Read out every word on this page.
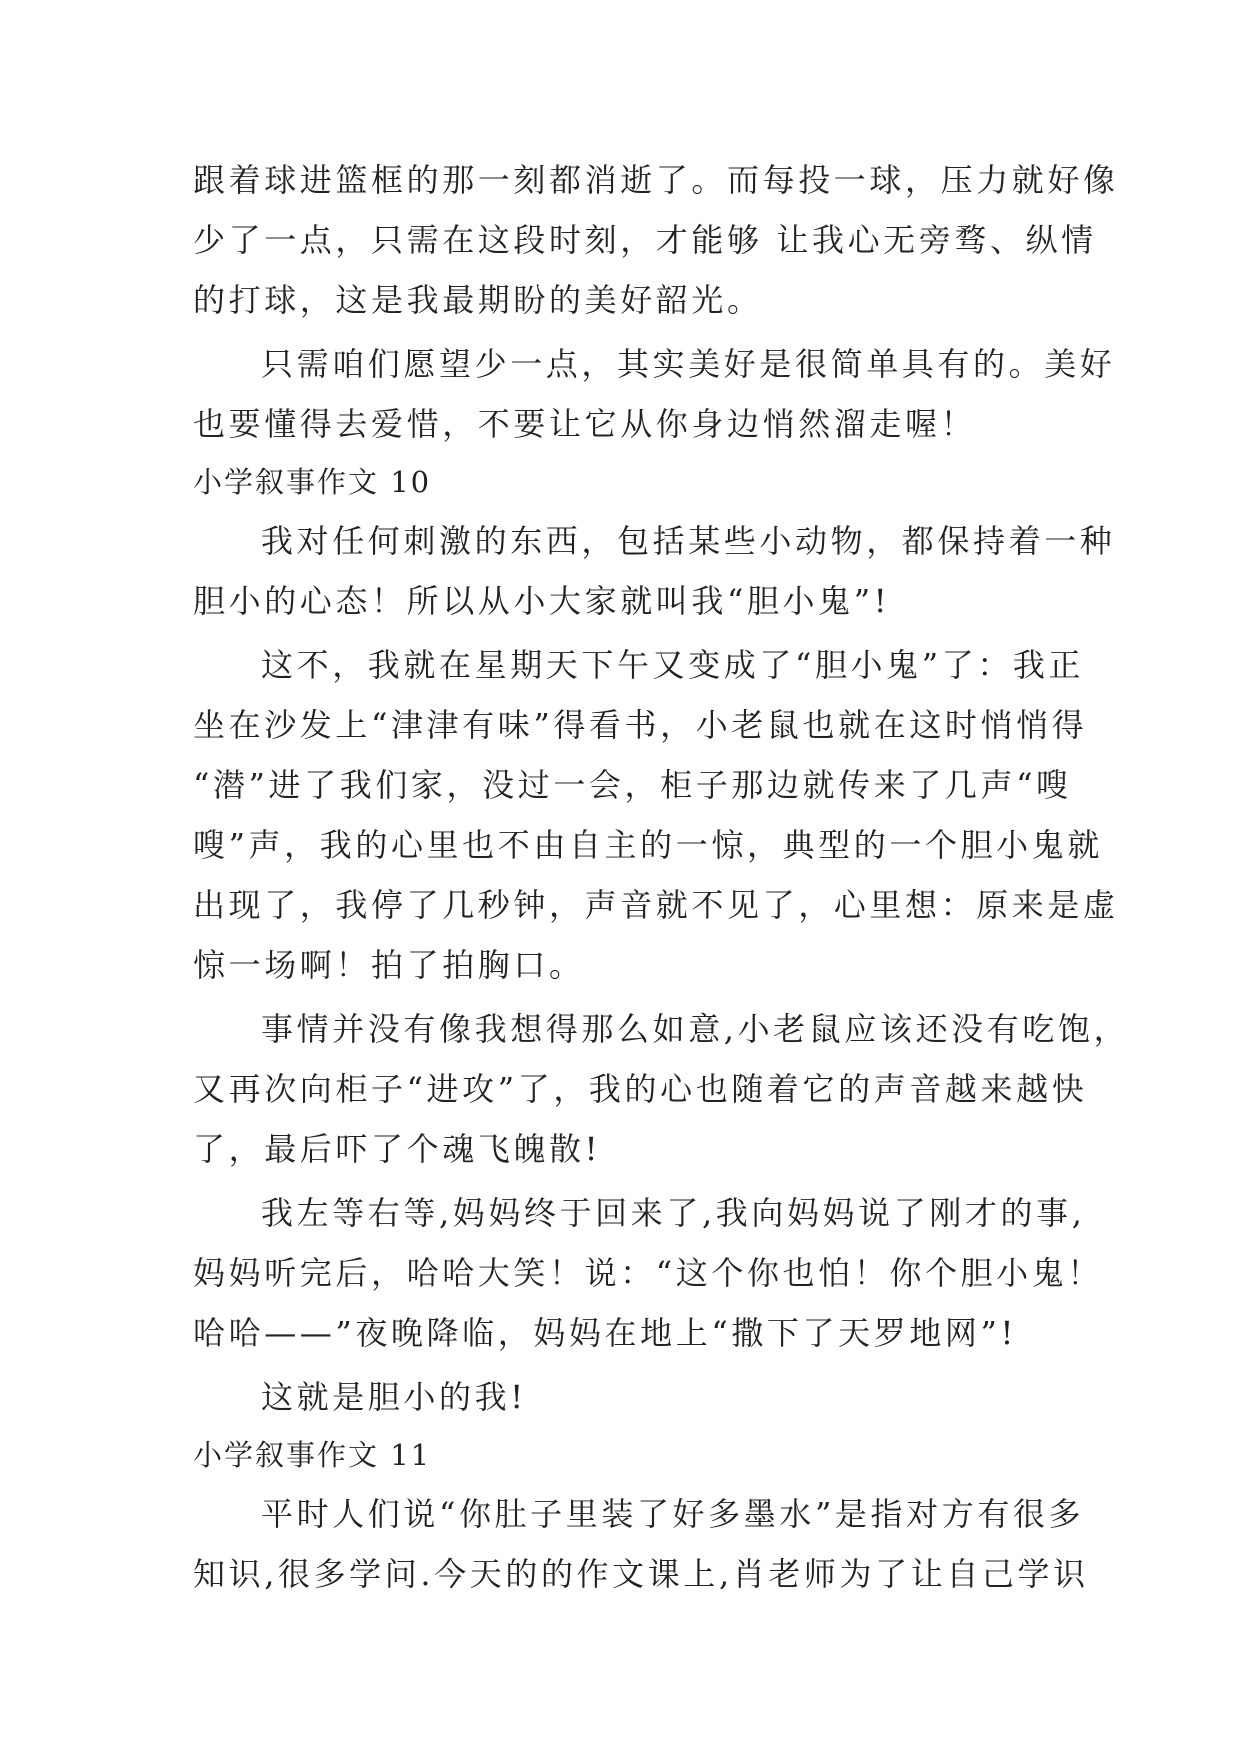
跟着球进篮框的那一刻都消逝了。而每投一球，压力就好像
少了一点，只需在这段时刻，才能够 让我心无旁骛、纵情
的打球，这是我最期盼的美好韶光。
只需咱们愿望少一点，其实美好是很简单具有的。美好
也要懂得去爱惜，不要让它从你身边悄然溜走喔！
小学叙事作文 10
我对任何刺激的东西，包括某些小动物，都保持着一种
胆小的心态！所以从小大家就叫我“胆小鬼”!
这不，我就在星期天下午又变成了“胆小鬼”了：我正
坐在沙发上“津津有味”得看书，小老鼠也就在这时悄悄得
“潜”进了我们家，没过一会，柜子那边就传来了几声“嗖
嗖”声，我的心里也不由自主的一惊，典型的一个胆小鬼就
出现了，我停了几秒钟，声音就不见了，心里想：原来是虚
惊一场啊！拍了拍胸口。
事情并没有像我想得那么如意,小老鼠应该还没有吃饱，
又再次向柜子“进攻”了，我的心也随着它的声音越来越快
了，最后吓了个魂飞魄散!
我左等右等,妈妈终于回来了,我向妈妈说了刚才的事,
妈妈听完后，哈哈大笑！说：“这个你也怕！你个胆小鬼！
哈哈——”夜晚降临，妈妈在地上“撒下了天罗地网”!
这就是胆小的我!
小学叙事作文 11
平时人们说“你肚子里装了好多墨水”是指对方有很多
知识,很多学问.今天的的作文课上,肖老师为了让自己学识
